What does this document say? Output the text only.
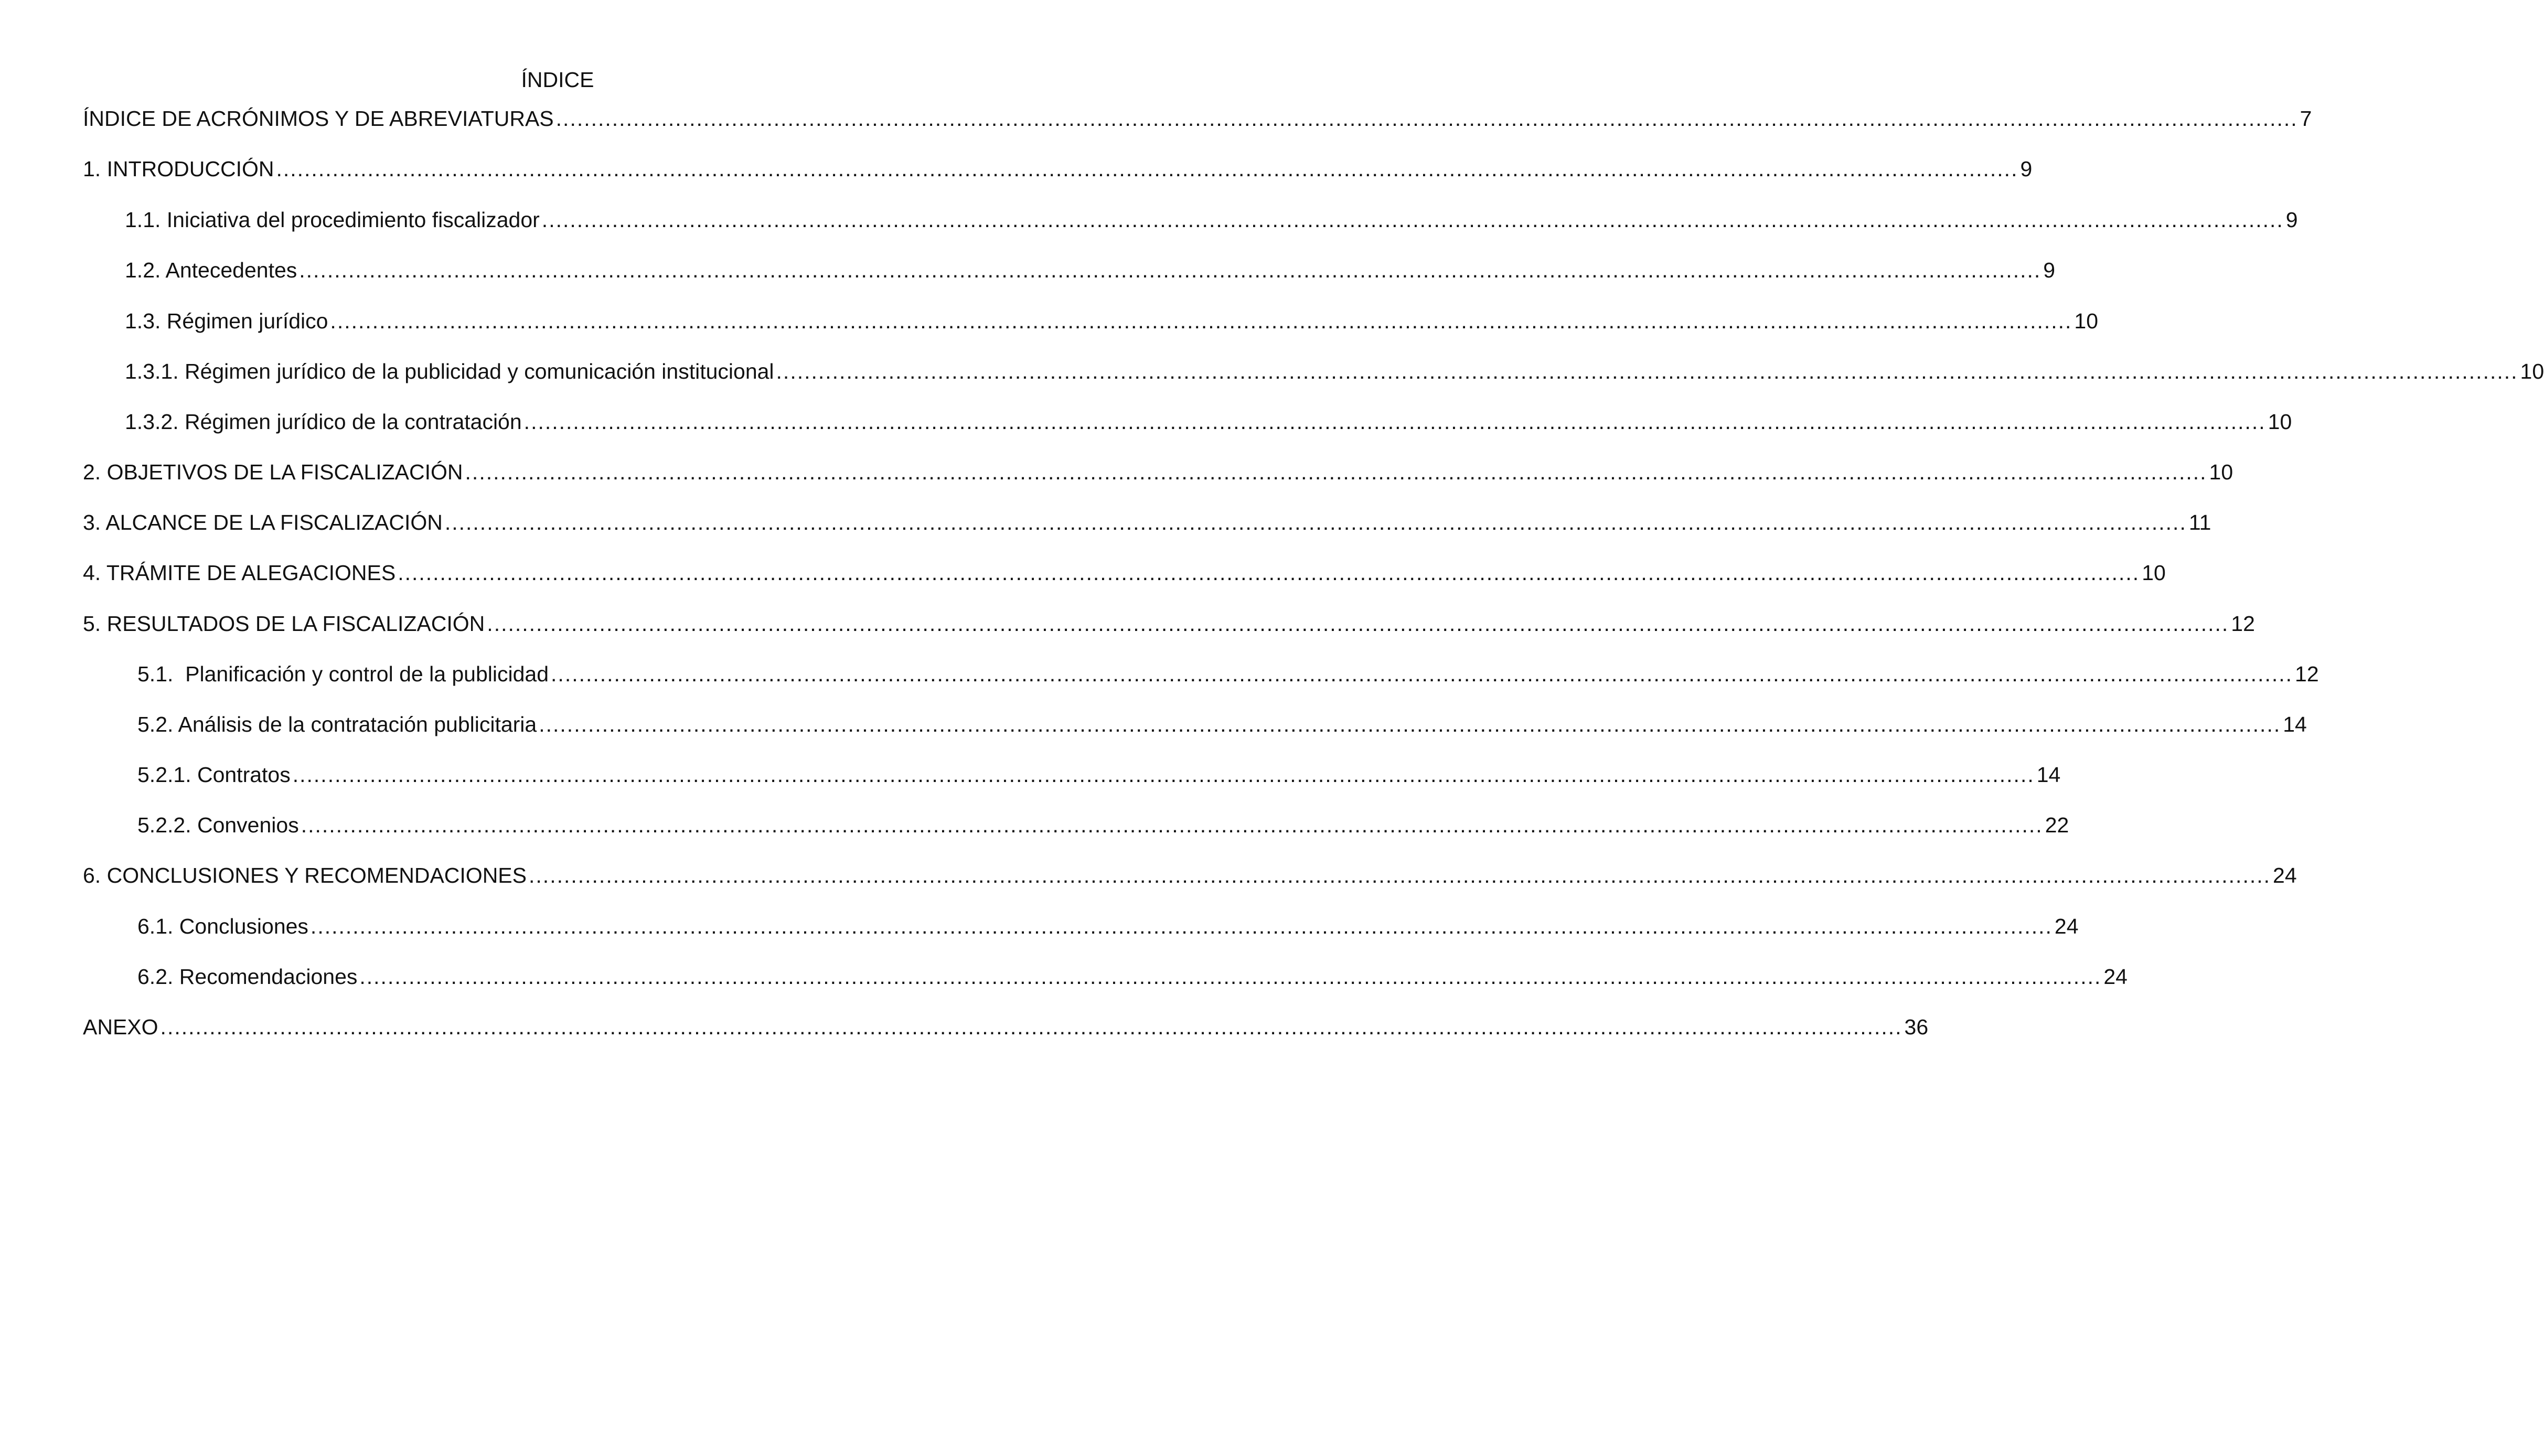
ÍNDICE
ÍNDICE DE ACRÓNIMOS Y DE ABREVIATURAS ........................................................................................................................................................................................................................................................ 7
1. INTRODUCCIÓN ........................................................................................................................................................................................................................................................ 9
1.1. Iniciativa del procedimiento fiscalizador ........................................................................................................................................................................................................................................................ 9
1.2. Antecedentes ........................................................................................................................................................................................................................................................ 9
1.3. Régimen jurídico ........................................................................................................................................................................................................................................................ 10
1.3.1. Régimen jurídico de la publicidad y comunicación institucional ........................................................................................................................................................................................................................................................ 10
1.3.2. Régimen jurídico de la contratación ........................................................................................................................................................................................................................................................ 10
2. OBJETIVOS DE LA FISCALIZACIÓN ........................................................................................................................................................................................................................................................ 10
3. ALCANCE DE LA FISCALIZACIÓN ........................................................................................................................................................................................................................................................ 11
4. TRÁMITE DE ALEGACIONES ........................................................................................................................................................................................................................................................ 10
5. RESULTADOS DE LA FISCALIZACIÓN ........................................................................................................................................................................................................................................................ 12
5.1.  Planificación y control de la publicidad ........................................................................................................................................................................................................................................................ 12
5.2. Análisis de la contratación publicitaria ........................................................................................................................................................................................................................................................ 14
5.2.1. Contratos ........................................................................................................................................................................................................................................................ 14
5.2.2. Convenios ........................................................................................................................................................................................................................................................ 22
6. CONCLUSIONES Y RECOMENDACIONES ........................................................................................................................................................................................................................................................ 24
6.1. Conclusiones ........................................................................................................................................................................................................................................................ 24
6.2. Recomendaciones ........................................................................................................................................................................................................................................................ 24
ANEXO ........................................................................................................................................................................................................................................................ 36
